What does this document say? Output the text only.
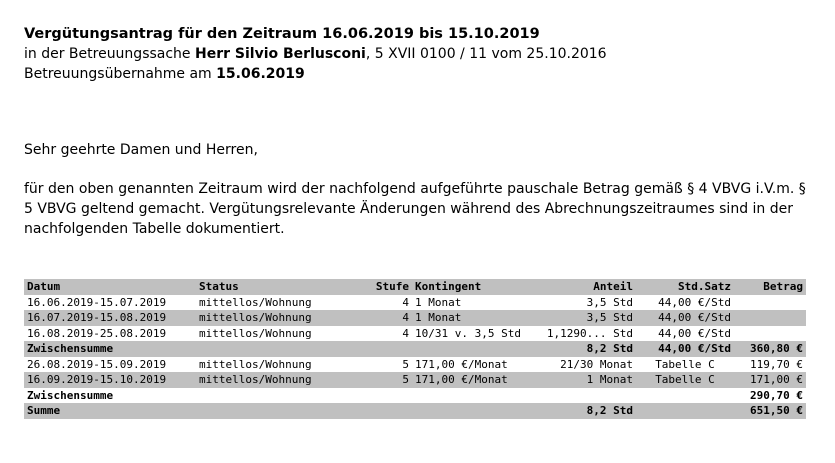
Vergütungsantrag für den Zeitraum 16.06.2019 bis 15.10.2019

in der Betreuungssache Herr Silvio Berlusconi, 5 XVII 0100 / 11 vom 25.10.2016

Betreuungsübernahme am 15.06.2019

Sehr geehrte Damen und Herren,

für den oben genannten Zeitraum wird der nachfolgend aufgeführte pauschale Betrag gemäß § 4 VBVG i.V.m. § 5 VBVG geltend gemacht. Vergütungsrelevante Änderungen während des Abrechnungszeitraumes sind in der nachfolgenden Tabelle dokumentiert.

Datum	Status	Stufe	Kontingent	Anteil	Std.Satz	Betrag
16.06.2019-15.07.2019	mittellos/Wohnung	4	1 Monat	3,5 Std	44,00 €/Std	
16.07.2019-15.08.2019	mittellos/Wohnung	4	1 Monat	3,5 Std	44,00 €/Std	
16.08.2019-25.08.2019	mittellos/Wohnung	4	10/31 v. 3,5 Std	1,1290... Std	44,00 €/Std	
Zwischensumme				8,2 Std	44,00 €/Std	360,80 €
26.08.2019-15.09.2019	mittellos/Wohnung	5	171,00 €/Monat	21/30 Monat	Tabelle C	119,70 €
16.09.2019-15.10.2019	mittellos/Wohnung	5	171,00 €/Monat	1 Monat	Tabelle C	171,00 €
Zwischensumme						290,70 €
Summe				8,2 Std		651,50 €
